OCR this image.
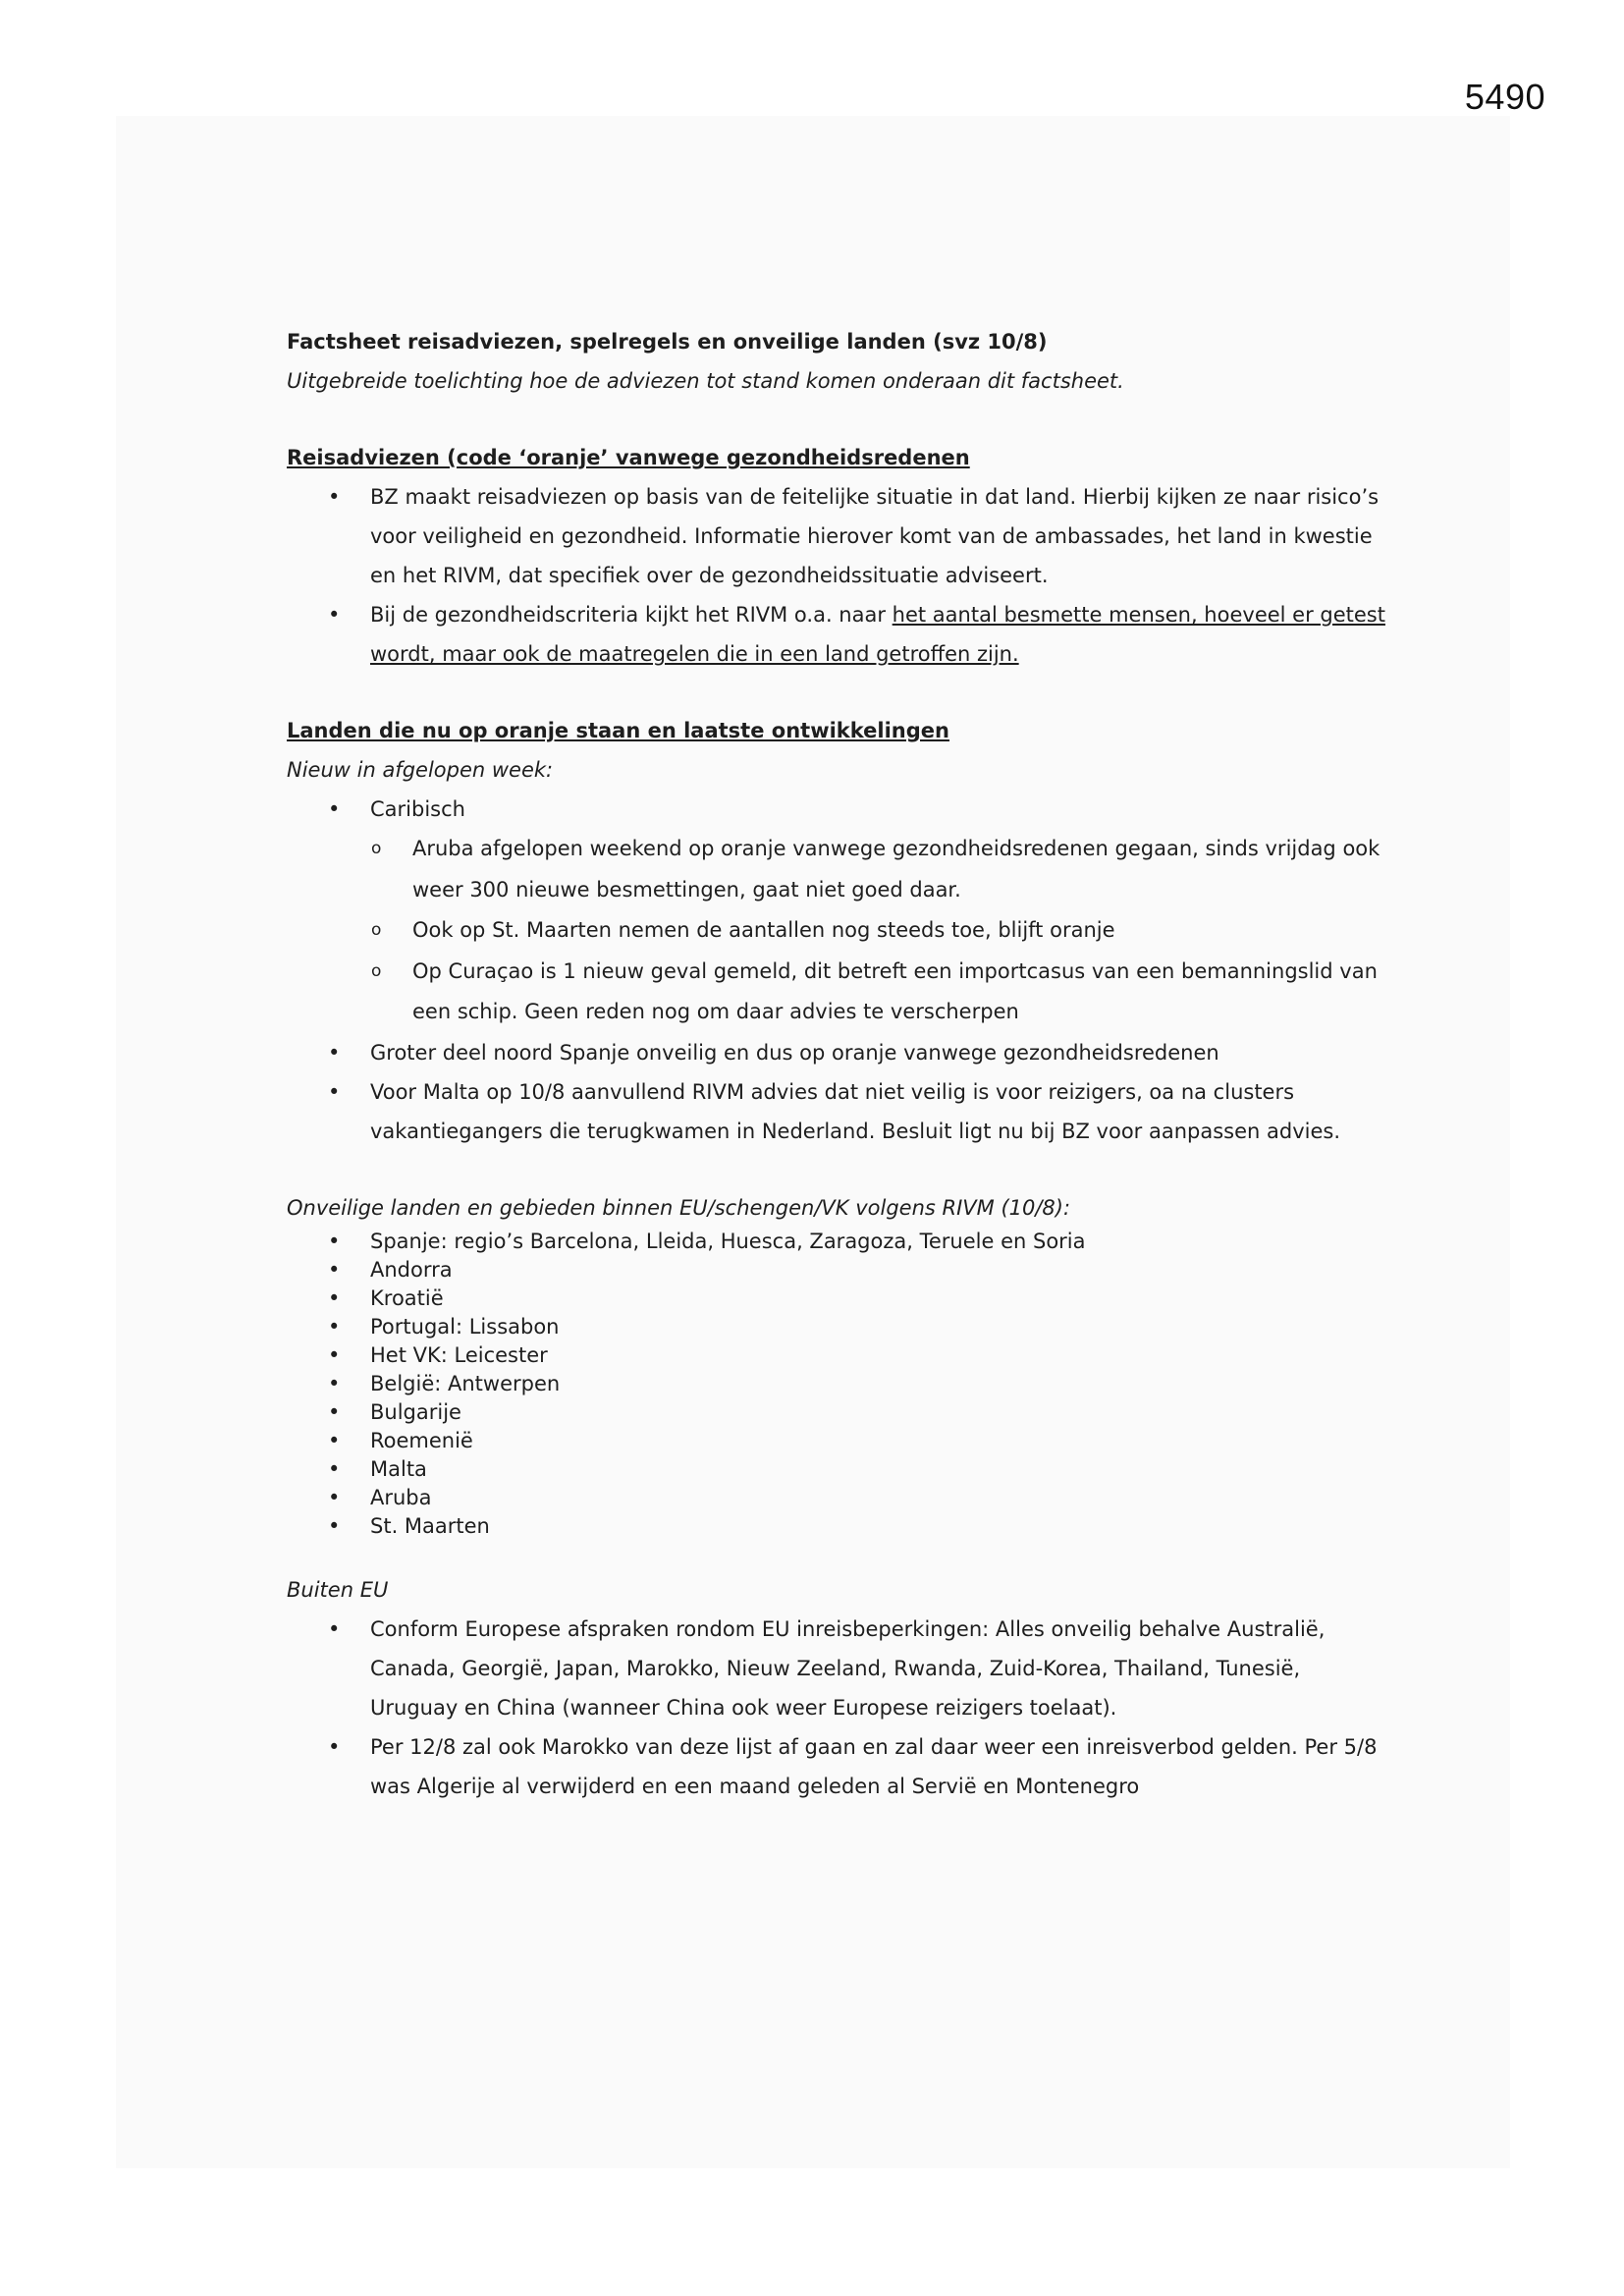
5490

Factsheet reisadviezen, spelregels en onveilige landen (svz 10/8)

Uitgebreide toelichting hoe de adviezen tot stand komen onderaan dit factsheet.

Reisadviezen (code ‘oranje’ vanwege gezondheidsredenen

• BZ maakt reisadviezen op basis van de feitelijke situatie in dat land. Hierbij kijken ze naar risico’s voor veiligheid en gezondheid. Informatie hierover komt van de ambassades, het land in kwestie en het RIVM, dat specifiek over de gezondheidssituatie adviseert.
• Bij de gezondheidscriteria kijkt het RIVM o.a. naar het aantal besmette mensen, hoeveel er getest wordt, maar ook de maatregelen die in een land getroffen zijn.

Landen die nu op oranje staan en laatste ontwikkelingen

Nieuw in afgelopen week:

• Caribisch
o Aruba afgelopen weekend op oranje vanwege gezondheidsredenen gegaan, sinds vrijdag ook weer 300 nieuwe besmettingen, gaat niet goed daar.
o Ook op St. Maarten nemen de aantallen nog steeds toe, blijft oranje
o Op Curaçao is 1 nieuw geval gemeld, dit betreft een importcasus van een bemanningslid van een schip. Geen reden nog om daar advies te verscherpen
• Groter deel noord Spanje onveilig en dus op oranje vanwege gezondheidsredenen
• Voor Malta op 10/8 aanvullend RIVM advies dat niet veilig is voor reizigers, oa na clusters vakantiegangers die terugkwamen in Nederland. Besluit ligt nu bij BZ voor aanpassen advies.

Onveilige landen en gebieden binnen EU/schengen/VK volgens RIVM (10/8):

• Spanje: regio’s Barcelona, Lleida, Huesca, Zaragoza, Teruele en Soria
• Andorra
• Kroatië
• Portugal: Lissabon
• Het VK: Leicester
• België: Antwerpen
• Bulgarije
• Roemenië
• Malta
• Aruba
• St. Maarten

Buiten EU

• Conform Europese afspraken rondom EU inreisbeperkingen: Alles onveilig behalve Australië, Canada, Georgië, Japan, Marokko, Nieuw Zeeland, Rwanda, Zuid-Korea, Thailand, Tunesië, Uruguay en China (wanneer China ook weer Europese reizigers toelaat).
• Per 12/8 zal ook Marokko van deze lijst af gaan en zal daar weer een inreisverbod gelden. Per 5/8 was Algerije al verwijderd en een maand geleden al Servië en Montenegro
